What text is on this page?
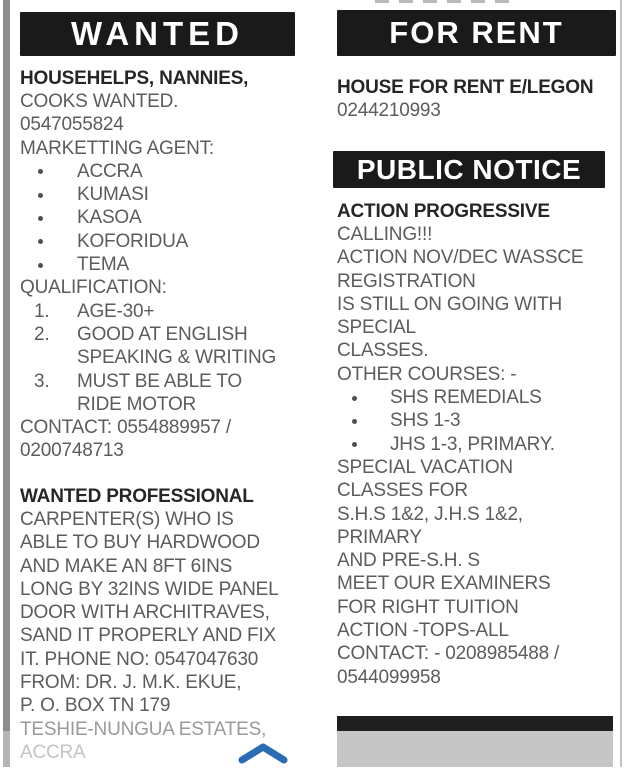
WANTED
HOUSEHELPS, NANNIES,
COOKS WANTED.
0547055824
MARKETTING AGENT:
ACCRA
KUMASI
KASOA
KOFORIDUA
TEMA
QUALIFICATION:
1.	AGE-30+
2.	GOOD AT ENGLISH
SPEAKING & WRITING
3.	MUST BE ABLE TO
RIDE MOTOR
CONTACT: 0554889957 /
0200748713
WANTED PROFESSIONAL
CARPENTER(S) WHO IS
ABLE TO BUY HARDWOOD
AND MAKE AN 8FT 6INS
LONG BY 32INS WIDE PANEL
DOOR WITH ARCHITRAVES,
SAND IT PROPERLY AND FIX
IT. PHONE NO: 0547047630
FROM: DR. J. M.K. EKUE,
P. O. BOX TN 179
TESHIE-NUNGUA ESTATES,
ACCRA
FOR RENT
HOUSE FOR RENT E/LEGON
0244210993
PUBLIC NOTICE
ACTION PROGRESSIVE
CALLING!!!
ACTION NOV/DEC WASSCE
REGISTRATION
IS STILL ON GOING WITH
SPECIAL
CLASSES.
OTHER COURSES: -
SHS REMEDIALS
SHS 1-3
JHS 1-3, PRIMARY.
SPECIAL VACATION
CLASSES FOR
S.H.S 1&2, J.H.S 1&2,
PRIMARY
AND PRE-S.H. S
MEET OUR EXAMINERS
FOR RIGHT TUITION
ACTION -TOPS-ALL
CONTACT: - 0208985488 /
0544099958
